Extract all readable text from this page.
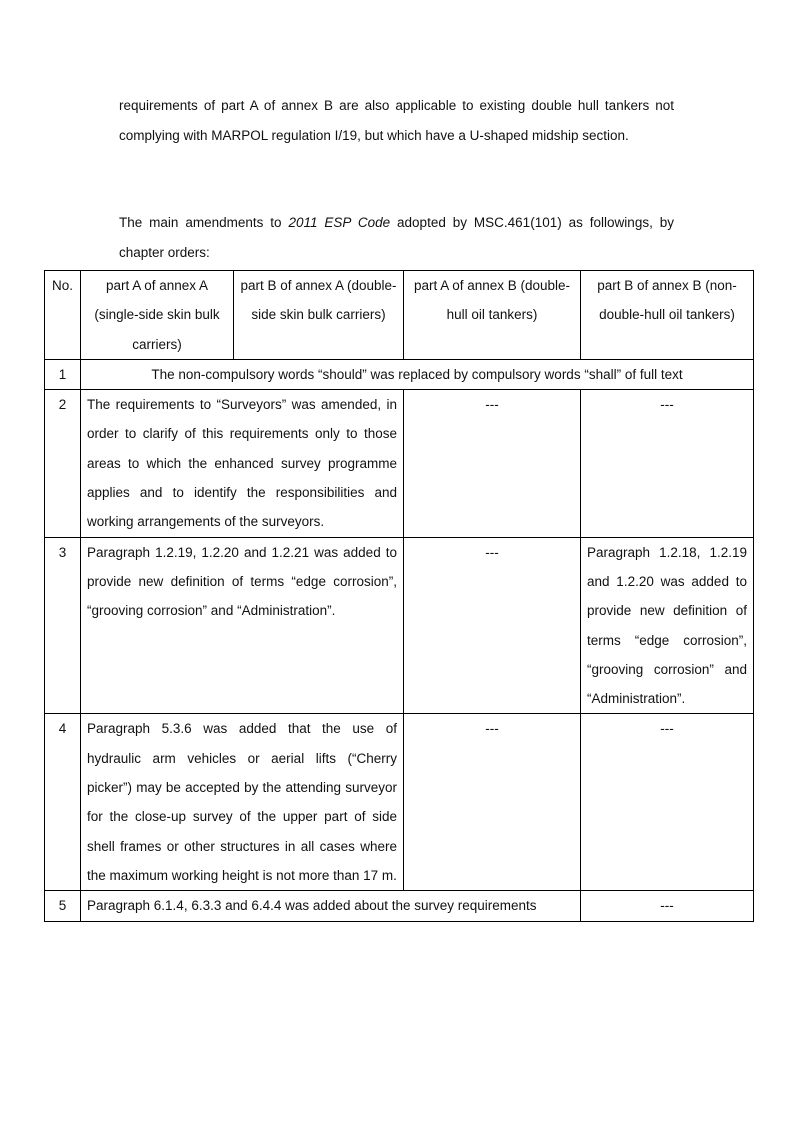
requirements of part A of annex B are also applicable to existing double hull tankers not complying with MARPOL regulation I/19, but which have a U-shaped midship section.

The main amendments to 2011 ESP Code adopted by MSC.461(101) as followings, by chapter orders:

No.	part A of annex A (single-side skin bulk carriers)	part B of annex A (double-side skin bulk carriers)	part A of annex B (double-hull oil tankers)	part B of annex B (non-double-hull oil tankers)
1	The non-compulsory words “should” was replaced by compulsory words “shall” of full text			
2	The requirements to “Surveyors” was amended, in order to clarify of this requirements only to those areas to which the enhanced survey programme applies and to identify the responsibilities and working arrangements of the surveyors.		---	---
3	Paragraph 1.2.19, 1.2.20 and 1.2.21 was added to provide new definition of terms “edge corrosion”, “grooving corrosion” and “Administration”.		---	Paragraph 1.2.18, 1.2.19 and 1.2.20 was added to provide new definition of terms “edge corrosion”, “grooving corrosion” and “Administration”.
4	Paragraph 5.3.6 was added that the use of hydraulic arm vehicles or aerial lifts (“Cherry picker”) may be accepted by the attending surveyor for the close-up survey of the upper part of side shell frames or other structures in all cases where the maximum working height is not more than 17 m.		---	---
5	Paragraph 6.1.4, 6.3.3 and 6.4.4 was added about the survey requirements			---
